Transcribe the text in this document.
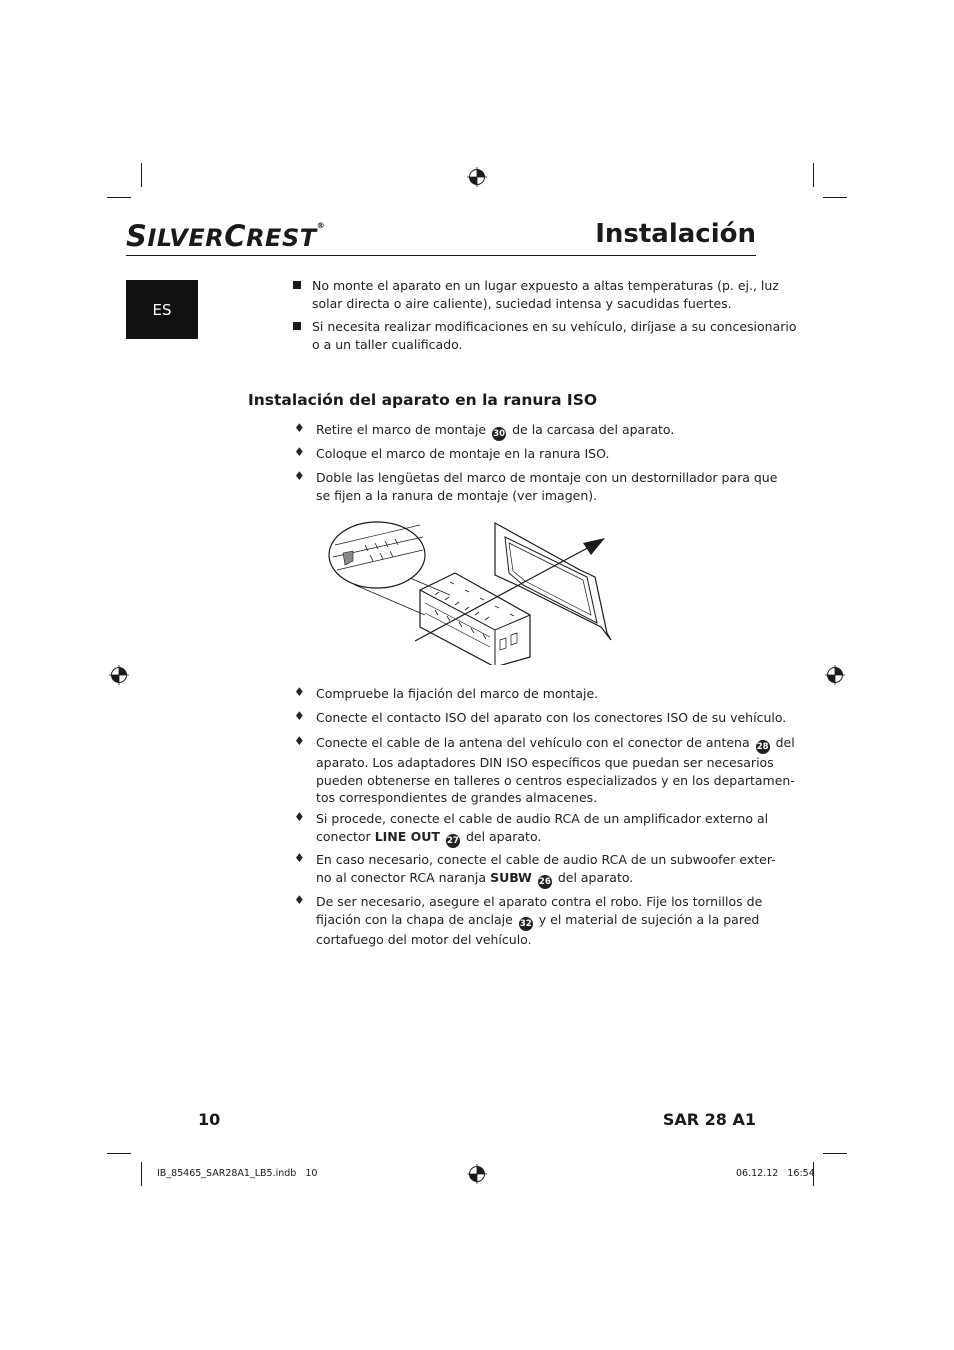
SILVERCREST®	Instalación
ES
No monte el aparato en un lugar expuesto a altas temperaturas (p. ej., luz
solar directa o aire caliente), suciedad intensa y sacudidas fuertes.
Si necesita realizar modificaciones en su vehículo, diríjase a su concesionario
o a un taller cualificado.
Instalación del aparato en la ranura ISO
♦ Retire el marco de montaje 30 de la carcasa del aparato.
♦ Coloque el marco de montaje en la ranura ISO.
♦ Doble las lengüetas del marco de montaje con un destornillador para que
se fijen a la ranura de montaje (ver imagen).
♦ Compruebe la fijación del marco de montaje.
♦ Conecte el contacto ISO del aparato con los conectores ISO de su vehículo.
♦ Conecte el cable de la antena del vehículo con el conector de antena 28 del
aparato. Los adaptadores DIN ISO específicos que puedan ser necesarios
pueden obtenerse en talleres o centros especializados y en los departamen-
tos correspondientes de grandes almacenes.
♦ Si procede, conecte el cable de audio RCA de un amplificador externo al
conector LINE OUT 27 del aparato.
♦ En caso necesario, conecte el cable de audio RCA de un subwoofer exter-
no al conector RCA naranja SUBW 26 del aparato.
♦ De ser necesario, asegure el aparato contra el robo. Fije los tornillos de
fijación con la chapa de anclaje 32 y el material de sujeción a la pared
cortafuego del motor del vehículo.
10	SAR 28 A1
IB_85465_SAR28A1_LB5.indb   10	06.12.12   16:54
